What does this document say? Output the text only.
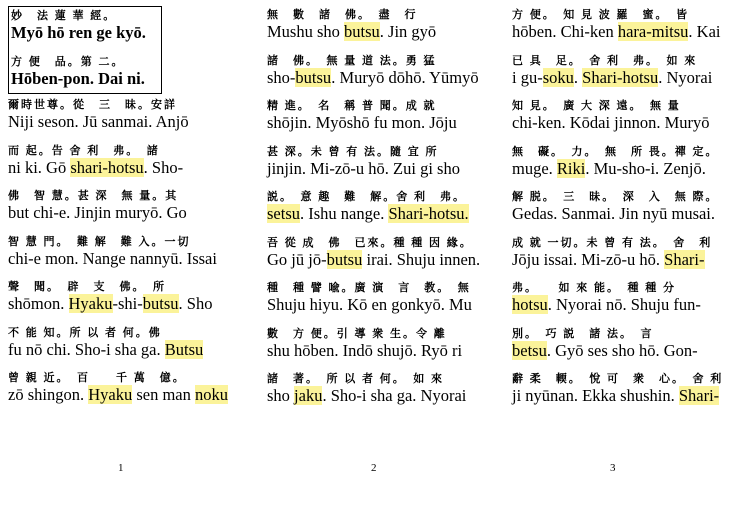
妙　法 蓮 華 經。
Myō hō ren ge kyō.
方 便　品。第 二。
Hōben-pon. Dai ni.
爾時世尊。從　三　昧。安詳
Niji seson. Jū sanmai. Anjō
而 起。告 舍 利　弗。　諸
ni ki. Gō shari-hotsu. Sho-
佛　智 慧。甚 深　無 量。其
but chi-e. Jinjin muryō. Go
智 慧 門。　難 解　難 入。一切
chi-e mon. Nange nannyū. Issai
聲　聞。　辟　支　佛。　所
shōmon. Hyaku-shi-butsu. Sho
不 能 知。所 以 者 何。佛
fu nō chi. Sho-i sha ga. Butsu
曾 親 近。　百　　千 萬　億。
zō shingon. Hyaku sen man noku
1
無　數　諸　佛。　盡　行
Mushu sho butsu. Jin gyō
諸　佛。　無 量 道 法。勇 猛
sho-butsu. Muryō dōhō. Yūmyō
精 進。　名　稱 普 聞。成 就
shōjin. Myōshō fu mon. Jōju
甚 深。未 曾 有 法。隨 宜 所
jinjin. Mi-zō-u hō. Zui gi sho
説。　意 趣　難　解。舍 利　弗。
setsu. Ishu nange. Shari-hotsu.
吾 從 成　佛　已來。種 種 因 緣。
Go jū jō-butsu irai. Shuju innen.
種　種 譬 喩。廣 演　言　教。　無
Shuju hiyu. Kō en gonkyō. Mu
數　方 便。引 導 衆 生。令 離
shu hōben. Indō shujō. Ryō ri
諸　著。　所 以 者 何。　如 來
sho jaku. Sho-i sha ga. Nyorai
2
方 便。　知 見 波 羅　蜜。　皆
hōben. Chi-ken hara-mitsu. Kai
已 具　足。　舍 利　弗。　如 來
i gu-soku. Shari-hotsu. Nyorai
知 見。　廣 大 深 遠。　無 量
chi-ken. Kōdai jinnon. Muryō
無　礙。　力。　無　所 畏。禪 定。
muge. Riki. Mu-sho-i. Zenjō.
解 脱。　三　昧。　深　入　無 際。
Gedas. Sanmai. Jin nyū musai.
成 就 一切。未 曾 有 法。　舍　利
Jōju issai. Mi-zō-u hō. Shari-
弗。　　如 來 能。　種 種 分
hotsu. Nyorai nō. Shuju fun-
別。　巧 説　諸 法。　言
betsu. Gyō ses sho hō. Gon-
辭 柔　輭。　悅 可　衆　心。　舍 利
ji nyūnan. Ekka shushin. Shari-
3
